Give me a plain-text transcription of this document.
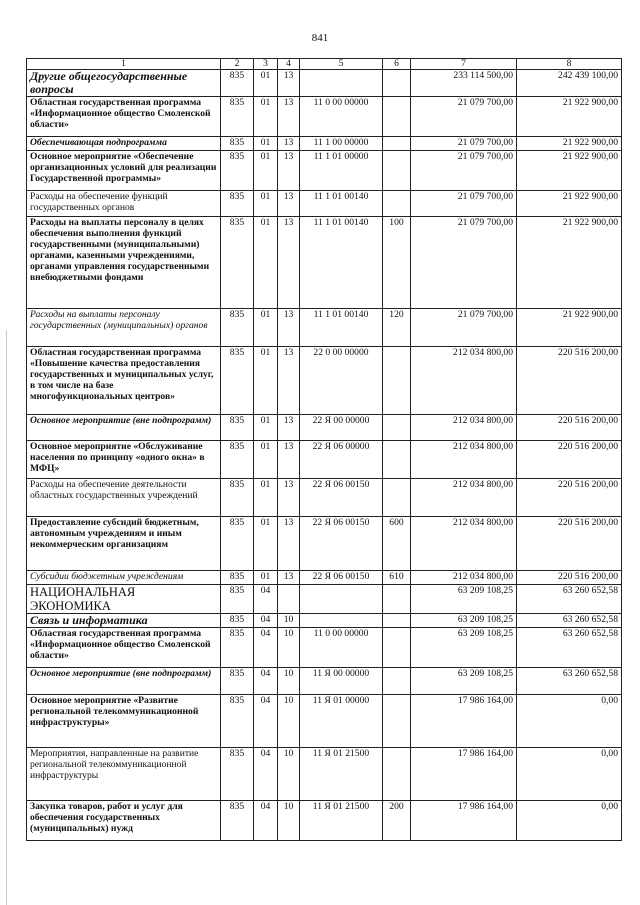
841
1	2	3	4	5	6	7	8
Другие общегосударственные вопросы	835	01	13			233 114 500,00	242 439 100,00
Областная государственная программа «Информационное общество Смоленской области»	835	01	13	11 0 00 00000		21 079 700,00	21 922 900,00
Обеспечивающая подпрограмма	835	01	13	11 1 00 00000		21 079 700,00	21 922 900,00
Основное мероприятие «Обеспечение организационных условий для реализации Государственной программы»	835	01	13	11 1 01 00000		21 079 700,00	21 922 900,00
Расходы на обеспечение функций государственных органов	835	01	13	11 1 01 00140		21 079 700,00	21 922 900,00
Расходы на выплаты персоналу в целях обеспечения выполнения функций государственными (муниципальными) органами, казенными учреждениями, органами управления государственными внебюджетными фондами	835	01	13	11 1 01 00140	100	21 079 700,00	21 922 900,00
Расходы на выплаты персоналу государственных (муниципальных) органов	835	01	13	11 1 01 00140	120	21 079 700,00	21 922 900,00
Областная государственная программа «Повышение качества предоставления государственных и муниципальных услуг, в том числе на базе многофункциональных центров»	835	01	13	22 0 00 00000		212 034 800,00	220 516 200,00
Основное мероприятие (вне подпрограмм)	835	01	13	22 Я 00 00000		212 034 800,00	220 516 200,00
Основное мероприятие «Обслуживание населения по принципу «одного окна» в МФЦ»	835	01	13	22 Я 06 00000		212 034 800,00	220 516 200,00
Расходы на обеспечение деятельности областных государственных учреждений	835	01	13	22 Я 06 00150		212 034 800,00	220 516 200,00
Предоставление субсидий бюджетным, автономным учреждениям и иным некоммерческим организациям	835	01	13	22 Я 06 00150	600	212 034 800,00	220 516 200,00
Субсидии бюджетным учреждениям	835	01	13	22 Я 06 00150	610	212 034 800,00	220 516 200,00
НАЦИОНАЛЬНАЯ ЭКОНОМИКА	835	04				63 209 108,25	63 260 652,58
Связь и информатика	835	04	10			63 209 108,25	63 260 652,58
Областная государственная программа «Информационное общество Смоленской области»	835	04	10	11 0 00 00000		63 209 108,25	63 260 652,58
Основное мероприятие (вне подпрограмм)	835	04	10	11 Я 00 00000		63 209 108,25	63 260 652,58
Основное мероприятие «Развитие региональной телекоммуникационной инфраструктуры»	835	04	10	11 Я 01 00000		17 986 164,00	0,00
Мероприятия, направленные на развитие региональной телекоммуникационной инфраструктуры	835	04	10	11 Я 01 21500		17 986 164,00	0,00
Закупка товаров, работ и услуг для обеспечения государственных (муниципальных) нужд	835	04	10	11 Я 01 21500	200	17 986 164,00	0,00
